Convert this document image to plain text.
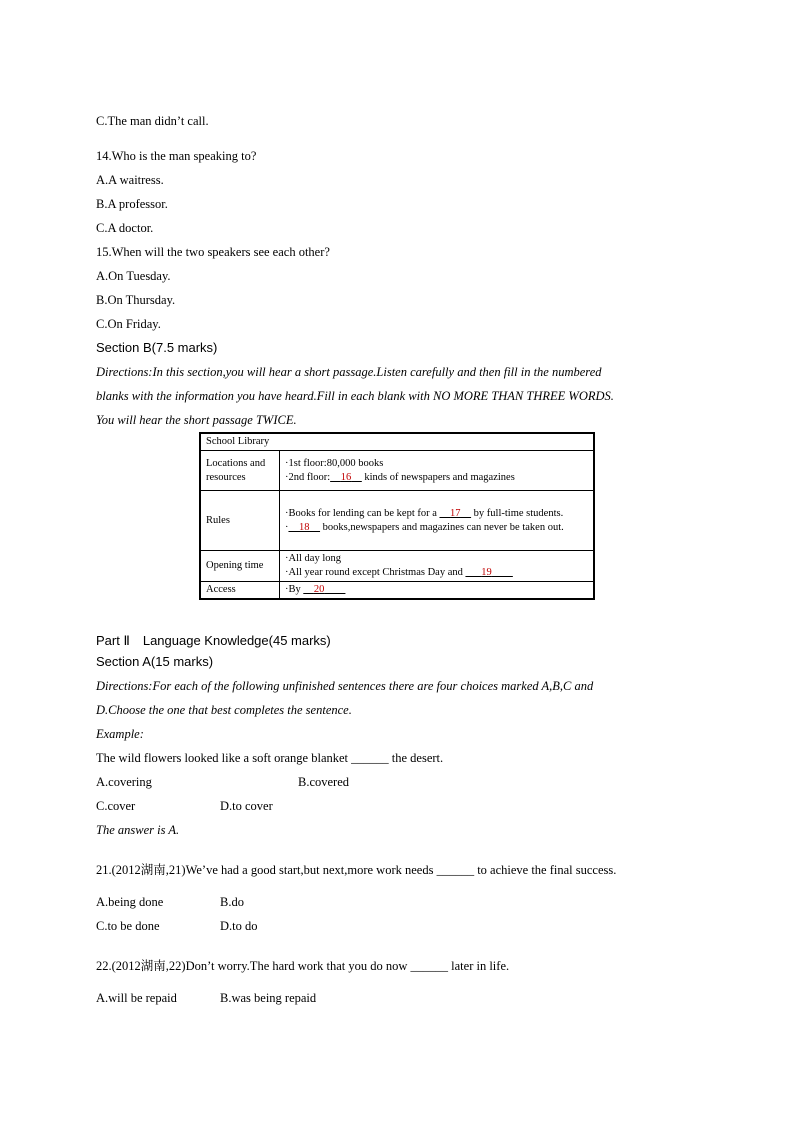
C.The man didn’t call.
14.Who is the man speaking to?
A.A waitress.
B.A professor.
C.A doctor.
15.When will the two speakers see each other?
A.On Tuesday.
B.On Thursday.
C.On Friday.
Section B(7.5 marks)
Directions:In this section,you will hear a short passage.Listen carefully and then fill in the numbered
blanks with the information you have heard.Fill in each blank with NO MORE THAN THREE WORDS.
You will hear the short passage TWICE.
School Library	
Locations and resources	·1st floor:80,000 books
·2nd floor:__16__ kinds of newspapers and magazines

Rules	·Books for lending can be kept for a __17__ by full-time students.
·__18__ books,newspapers and magazines can never be taken out.

Opening time	·All day long
·All year round except Christmas Day and ___19____

Access	·By __20____
Part Ⅱ　Language Knowledge(45 marks)
Section A(15 marks)
Directions:For each of the following unfinished sentences there are four choices marked A,B,C and
D.Choose the one that best completes the sentence.
Example:
The wild flowers looked like a soft orange blanket ______ the desert.
A.covering	B.covered
C.cover	D.to cover
The answer is A.
21.(2012湖南,21)We’ve had a good start,but next,more work needs ______ to achieve the final success.
A.being done	B.do
C.to be done	D.to do
22.(2012湖南,22)Don’t worry.The hard work that you do now ______ later in life.
A.will be repaid	B.was being repaid
